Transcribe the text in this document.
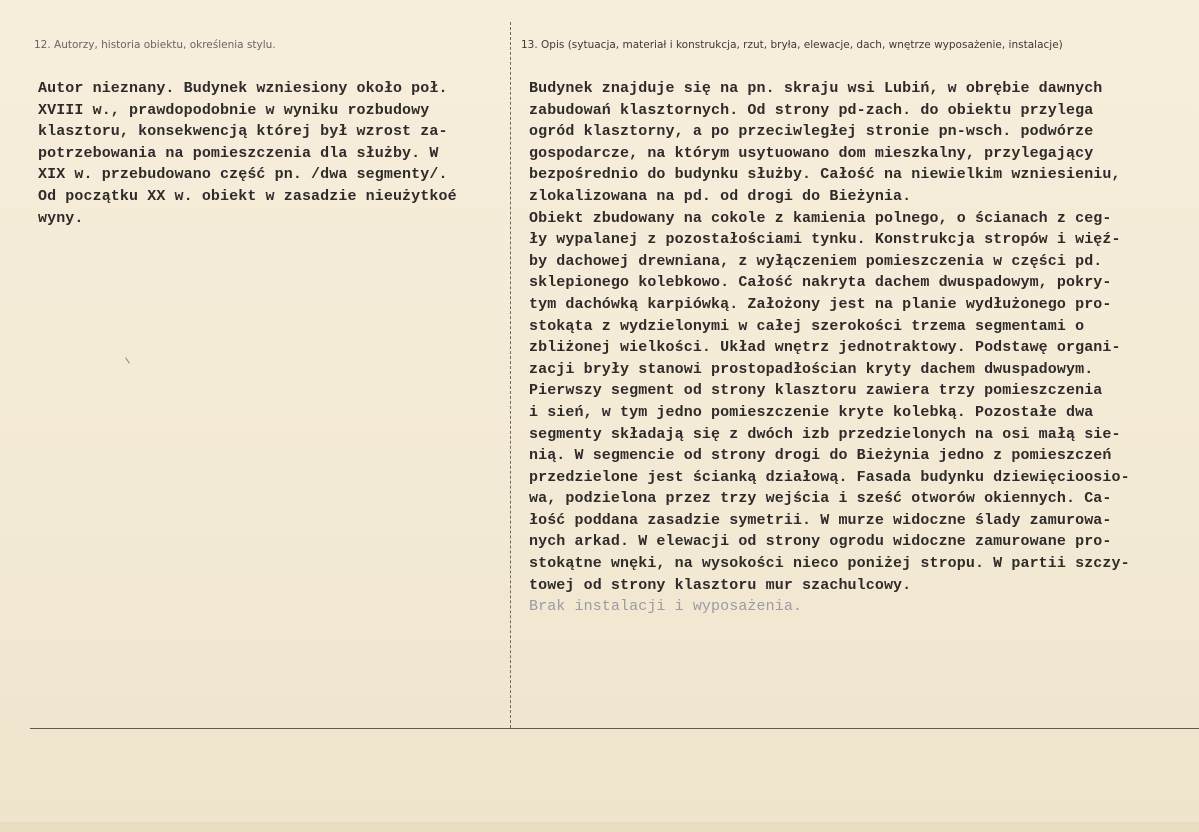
12. Autorzy, historia obiektu, określenia stylu.	13. Opis (sytuacja, materiał i konstrukcja, rzut, bryła, elewacje, dach, wnętrze wyposażenie, instalacje)
Autor nieznany. Budynek wzniesiony około poł.
XVIII w., prawdopodobnie w wyniku rozbudowy
klasztoru, konsekwencją której był wzrost za-
potrzebowania na pomieszczenia dla służby. W
XIX w. przebudowano część pn. /dwa segmenty/.
Od początku XX w. obiekt w zasadzie nieużytkoé
wyny.
Budynek znajduje się na pn. skraju wsi Lubiń, w obrębie dawnych
zabudowań klasztornych. Od strony pd-zach. do obiektu przylega
ogród klasztorny, a po przeciwległej stronie pn-wsch. podwórze
gospodarcze, na którym usytuowano dom mieszkalny, przylegający
bezpośrednio do budynku służby. Całość na niewielkim wzniesieniu,
zlokalizowana na pd. od drogi do Bieżynia.
Obiekt zbudowany na cokole z kamienia polnego, o ścianach z ceg-
ły wypalanej z pozostałościami tynku. Konstrukcja stropów i więź-
by dachowej drewniana, z wyłączeniem pomieszczenia w części pd.
sklepionego kolebkowo. Całość nakryta dachem dwuspadowym, pokry-
tym dachówką karpiówką. Założony jest na planie wydłużonego pro-
stokąta z wydzielonymi w całej szerokości trzema segmentami o
zbliżonej wielkości. Układ wnętrz jednotraktowy. Podstawę organi-
zacji bryły stanowi prostopadłościan kryty dachem dwuspadowym.
Pierwszy segment od strony klasztoru zawiera trzy pomieszczenia
i sień, w tym jedno pomieszczenie kryte kolebką. Pozostałe dwa
segmenty składają się z dwóch izb przedzielonych na osi małą sie-
nią. W segmencie od strony drogi do Bieżynia jedno z pomieszczeń
przedzielone jest ścianką działową. Fasada budynku dziewięcioosio-
wa, podzielona przez trzy wejścia i sześć otworów okiennych. Ca-
łość poddana zasadzie symetrii. W murze widoczne ślady zamurowa-
nych arkad. W elewacji od strony ogrodu widoczne zamurowane pro-
stokątne wnęki, na wysokości nieco poniżej stropu. W partii szczy-
towej od strony klasztoru mur szachulcowy.
Brak instalacji i wyposażenia.
